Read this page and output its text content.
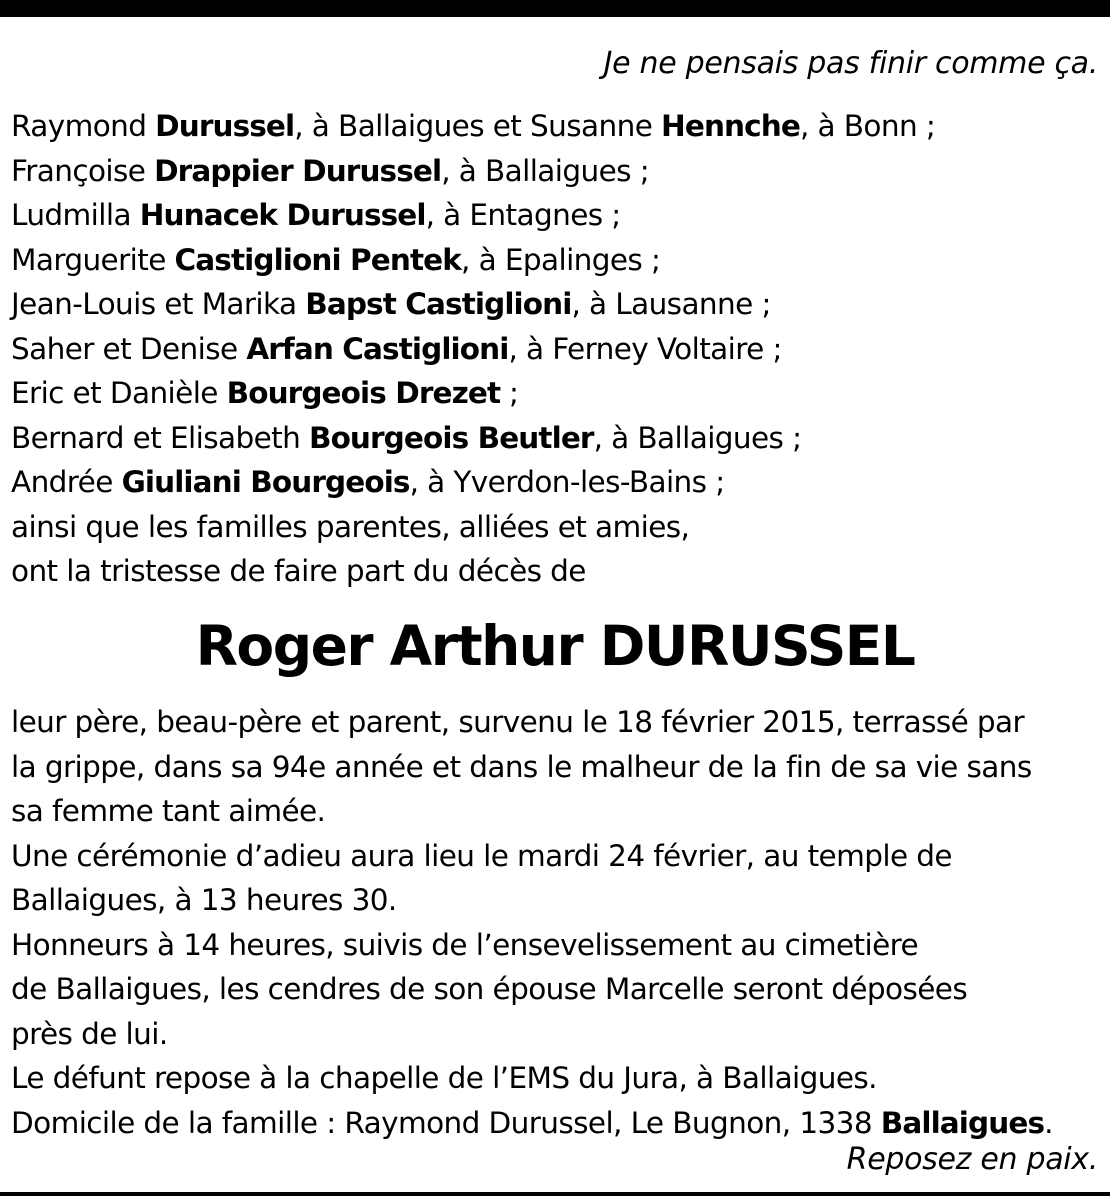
Je ne pensais pas finir comme ça.
Raymond Durussel, à Ballaigues et Susanne Hennche, à Bonn ;
Françoise Drappier Durussel, à Ballaigues ;
Ludmilla Hunacek Durussel, à Entagnes ;
Marguerite Castiglioni Pentek, à Epalinges ;
Jean-Louis et Marika Bapst Castiglioni, à Lausanne ;
Saher et Denise Arfan Castiglioni, à Ferney Voltaire ;
Eric et Danièle Bourgeois Drezet ;
Bernard et Elisabeth Bourgeois Beutler, à Ballaigues ;
Andrée Giuliani Bourgeois, à Yverdon-les-Bains ;
ainsi que les familles parentes, alliées et amies,
ont la tristesse de faire part du décès de
Roger Arthur DURUSSEL
leur père, beau-père et parent, survenu le 18 février 2015, terrassé par
la grippe, dans sa 94e année et dans le malheur de la fin de sa vie sans
sa femme tant aimée.
Une cérémonie d’adieu aura lieu le mardi 24 février, au temple de
Ballaigues, à 13 heures 30.
Honneurs à 14 heures, suivis de l’ensevelissement au cimetière
de Ballaigues, les cendres de son épouse Marcelle seront déposées
près de lui.
Le défunt repose à la chapelle de l’EMS du Jura, à Ballaigues.
Domicile de la famille : Raymond Durussel, Le Bugnon, 1338 Ballaigues.
Reposez en paix.
